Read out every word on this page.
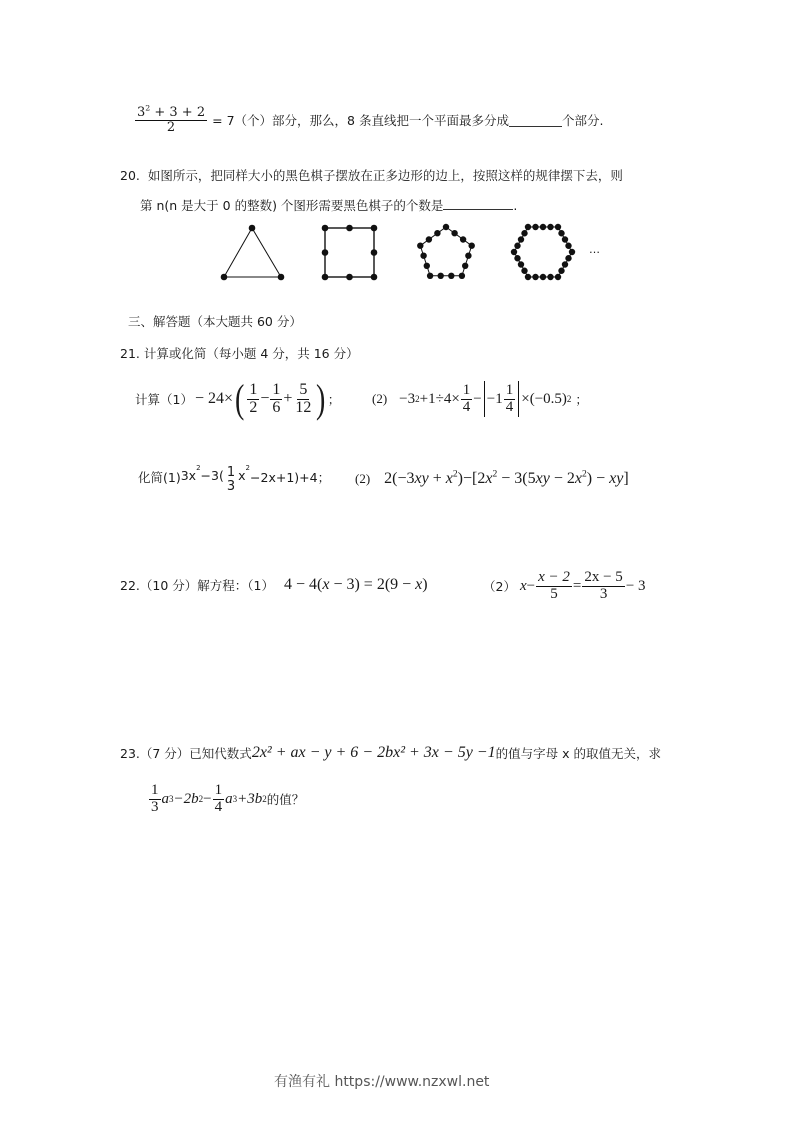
$\frac{3^2 + 3 + 2}{2} = 7$（个）部分，那么，8 条直线把一个平面最多分成	个部分.
20. 如图所示，把同样大小的黑色棋子摆放在正多边形的边上，按照这样的规律摆下去，则
第 n(n 是大于 0 的整数) 个图形需要黑色棋子的个数是	.
…
三、解答题（本大题共 60 分）
21. 计算或化简（每小题 4 分，共 16 分）
计算（1） − 24× ( $\frac{1}{2} - \frac{1}{6} + \frac{5}{12}$ ) ； (2) −3 $2 +1\div 4\times \frac{1}{4} - -1 \frac{1}{4} \times(-0.5)$ 2 ；
化简(1) 3x 2 −3( 1
3
x 2
−2x+1)+4； (2) $2(-3xy + x^2)-[2x^2 - 3(5xy - 2x^2) - xy]$
22.（10 分）解方程：（1） 4 − 4(x − 3) = 2(9 − x)	（2） $x - \frac{x - 2}{5} = \frac{2x - 5}{3} - 3$
23.（7 分）已知代数式 2x² + ax − y + 6 − 2bx² + 3x − 5y −1 的值与字母 x 的取值无关，求
$\frac{1}{3}$ a 3 −2b $2 - \frac{1}{4}$ a 3 +3b 2 的值？
有渔有礼 https://www.nzxwl.net
